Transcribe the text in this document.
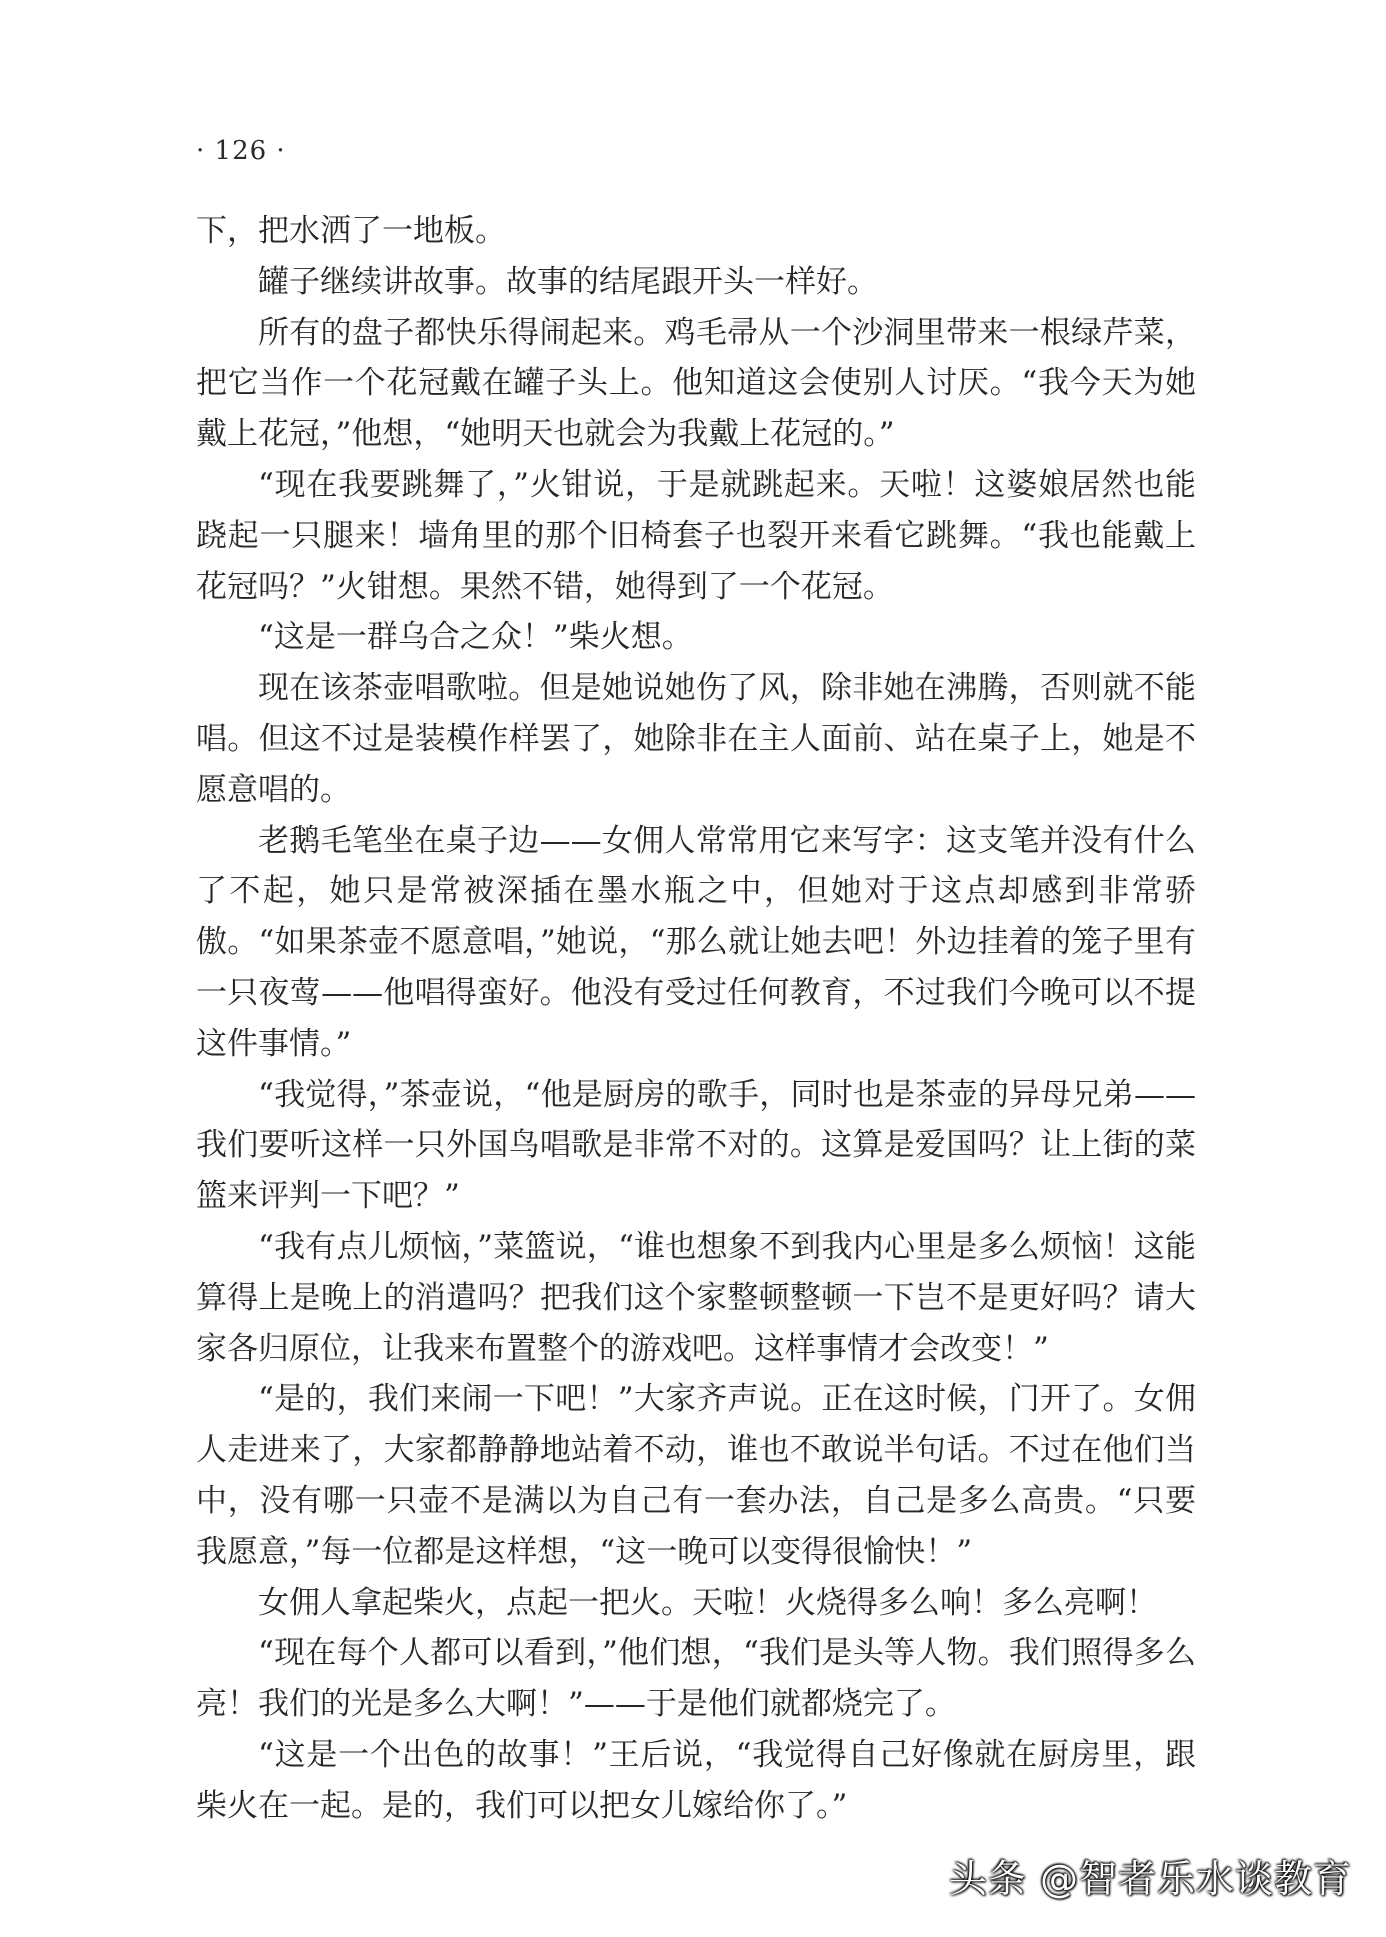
· 126 ·

下，把水洒了一地板。

罐子继续讲故事。故事的结尾跟开头一样好。

所有的盘子都快乐得闹起来。鸡毛帚从一个沙洞里带来一根绿芹菜，把它当作一个花冠戴在罐子头上。他知道这会使别人讨厌。“我今天为她戴上花冠，”他想，“她明天也就会为我戴上花冠的。”

“现在我要跳舞了，”火钳说，于是就跳起来。天啦！这婆娘居然也能跷起一只腿来！墙角里的那个旧椅套子也裂开来看它跳舞。“我也能戴上花冠吗？”火钳想。果然不错，她得到了一个花冠。

“这是一群乌合之众！”柴火想。

现在该茶壶唱歌啦。但是她说她伤了风，除非她在沸腾，否则就不能唱。但这不过是装模作样罢了，她除非在主人面前、站在桌子上，她是不愿意唱的。

老鹅毛笔坐在桌子边——女佣人常常用它来写字：这支笔并没有什么了不起，她只是常被深插在墨水瓶之中，但她对于这点却感到非常骄傲。“如果茶壶不愿意唱，”她说，“那么就让她去吧！外边挂着的笼子里有一只夜莺——他唱得蛮好。他没有受过任何教育，不过我们今晚可以不提这件事情。”

“我觉得，”茶壶说，“他是厨房的歌手，同时也是茶壶的异母兄弟——我们要听这样一只外国鸟唱歌是非常不对的。这算是爱国吗？让上街的菜篮来评判一下吧？”

“我有点儿烦恼，”菜篮说，“谁也想象不到我内心里是多么烦恼！这能算得上是晚上的消遣吗？把我们这个家整顿整顿一下岂不是更好吗？请大家各归原位，让我来布置整个的游戏吧。这样事情才会改变！”

“是的，我们来闹一下吧！”大家齐声说。正在这时候，门开了。女佣人走进来了，大家都静静地站着不动，谁也不敢说半句话。不过在他们当中，没有哪一只壶不是满以为自己有一套办法，自己是多么高贵。“只要我愿意，”每一位都是这样想，“这一晚可以变得很愉快！”

女佣人拿起柴火，点起一把火。天啦！火烧得多么响！多么亮啊！

“现在每个人都可以看到，”他们想，“我们是头等人物。我们照得多么亮！我们的光是多么大啊！”——于是他们就都烧完了。

“这是一个出色的故事！”王后说，“我觉得自己好像就在厨房里，跟柴火在一起。是的，我们可以把女儿嫁给你了。”

头条 @智者乐水谈教育
